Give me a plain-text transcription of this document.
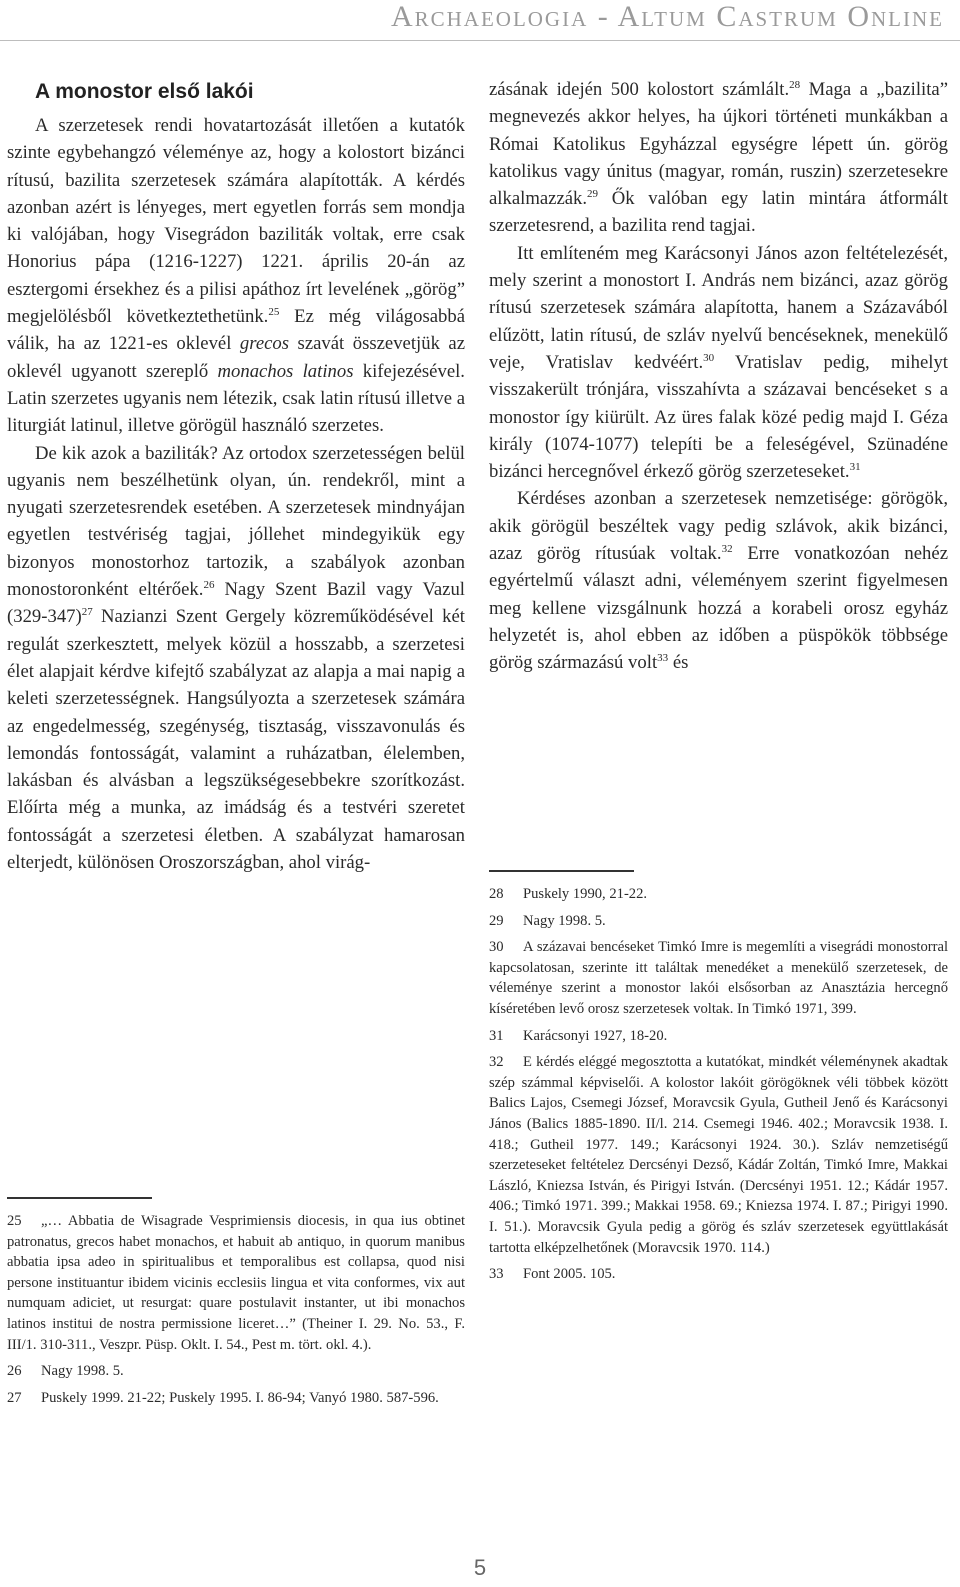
Archaeologia - Altum Castrum Online
A monostor első lakói

A szerzetesek rendi hovatartozását illetően a kutatók szinte egybehangzó véleménye az, hogy a kolostort bizánci rítusú, bazilita szerzetesek számára alapították. A kérdés azonban azért is lényeges, mert egyetlen forrás sem mondja ki valójában, hogy Visegrádon baziliták voltak, erre csak Honorius pápa (1216-1227) 1221. április 20-án az esztergomi érsekhez és a pilisi apáthoz írt levelének „görög” megjelölésből következtethetünk.$^{25}$ Ez még világosabbá válik, ha az 1221-es oklevél grecos szavát összevetjük az oklevél ugyanott szereplő monachos latinos kifejezésével. Latin szerzetes ugyanis nem létezik, csak latin rítusú illetve a liturgiát latinul, illetve görögül használó szerzetes.

De kik azok a baziliták? Az ortodox szerzetességen belül ugyanis nem beszélhetünk olyan, ún. rendekről, mint a nyugati szerzetesrendek esetében. A szerzetesek mindnyájan egyetlen testvériség tagjai, jóllehet mindegyikük egy bizonyos monostorhoz tartozik, a szabályok azonban monostoronként eltérőek.$^{26}$ Nagy Szent Bazil vagy Vazul $(329-347)^{27}$ Nazianzi Szent Gergely közreműködésével két regulát szerkesztett, melyek közül a hosszabb, a szerzetesi élet alapjait kérdve kifejtő szabályzat az alapja a mai napig a keleti szerzetességnek. Hangsúlyozta a szerzetesek számára az engedelmesség, szegénység, tisztaság, visszavonulás és lemondás fontosságát, valamint a ruházatban, élelemben, lakásban és alvásban a legszükségesebbekre szorítkozást. Előírta még a munka, az imádság és a testvéri szeretet fontosságát a szerzetesi életben. A szabályzat hamarosan elterjedt, különösen Oroszországban, ahol virág-

25 „… Abbatia de Wisagrade Vesprimiensis diocesis, in qua ius obtinet patronatus, grecos habet monachos, et habuit ab antiquo, in quorum manibus abbatia ipsa adeo in spiritualibus et temporalibus est collapsa, quod nisi persone instituantur ibidem vicinis ecclesiis lingua et vita conformes, vix aut numquam adiciet, ut resurgat: quare postulavit instanter, ut ibi monachos latinos institui de nostra permissione liceret…” (Theiner I. 29. No. 53., F. III/1. 310-311., Veszpr. Püsp. Oklt. I. 54., Pest m. tört. okl. 4.).
26 Nagy 1998. 5.
27 Puskely 1999. 21-22; Puskely 1995. I. 86-94; Vanyó 1980. 587-596.

zásának idején 500 kolostort számlált.$^{28}$ Maga a „bazilita” megnevezés akkor helyes, ha újkori történeti munkákban a Római Katolikus Egyházzal egységre lépett ún. görög katolikus vagy únitus (magyar, román, ruszin) szerzetesekre alkalmazzák.$^{29}$ Ők valóban egy latin mintára átformált szerzetesrend, a bazilita rend tagjai.

Itt említeném meg Karácsonyi János azon feltételezését, mely szerint a monostort I. András nem bizánci, azaz görög rítusú szerzetesek számára alapította, hanem a Százavából elűzött, latin rítusú, de szláv nyelvű bencéseknek, menekülő veje, Vratislav kedvéért.$^{30}$ Vratislav pedig, mihelyt visszakerült trónjára, visszahívta a százavai bencéseket s a monostor így kiürült. Az üres falak közé pedig majd I. Géza király (1074-1077) telepíti be a feleségével, Szünadéne bizánci hercegnővel érkező görög szerzeteseket.$^{31}$

Kérdéses azonban a szerzetesek nemzetisége: görögök, akik görögül beszéltek vagy pedig szlávok, akik bizánci, azaz görög rítusúak voltak.$^{32}$ Erre vonatkozóan nehéz egyértelmű választ adni, véleményem szerint figyelmesen meg kellene vizsgálnunk hozzá a korabeli orosz egyház helyzetét is, ahol ebben az időben a püspökök többsége görög származású volt$^{33}$ és

28 Puskely 1990, 21-22.
29 Nagy 1998. 5.
30 A százavai bencéseket Timkó Imre is megemlíti a visegrádi monostorral kapcsolatosan, szerinte itt találtak menedéket a menekülő szerzetesek, de véleménye szerint a monostor lakói elsősorban az Anasztázia hercegnő kíséretében levő orosz szerzetesek voltak. In Timkó 1971, 399.
31 Karácsonyi 1927, 18-20.
32 E kérdés eléggé megosztotta a kutatókat, mindkét véleménynek akadtak szép számmal képviselői. A kolostor lakóit görögöknek véli többek között Balics Lajos, Csemegi József, Moravcsik Gyula, Gutheil Jenő és Karácsonyi János (Balics 1885-1890. II/l. 214. Csemegi 1946. 402.; Moravcsik 1938. I. 418.; Gutheil 1977. 149.; Karácsonyi 1924. 30.). Szláv nemzetiségű szerzeteseket feltételez Dercsényi Dezső, Kádár Zoltán, Timkó Imre, Makkai László, Kniezsa István, és Pirigyi István. (Dercsényi 1951. 12.; Kádár 1957. 406.; Timkó 1971. 399.; Makkai 1958. 69.; Kniezsa 1974. I. 87.; Pirigyi 1990. I. 51.). Moravcsik Gyula pedig a görög és szláv szerzetesek együttlakását tartotta elképzelhetőnek (Moravcsik 1970. 114.)
33 Font 2005. 105.
5
